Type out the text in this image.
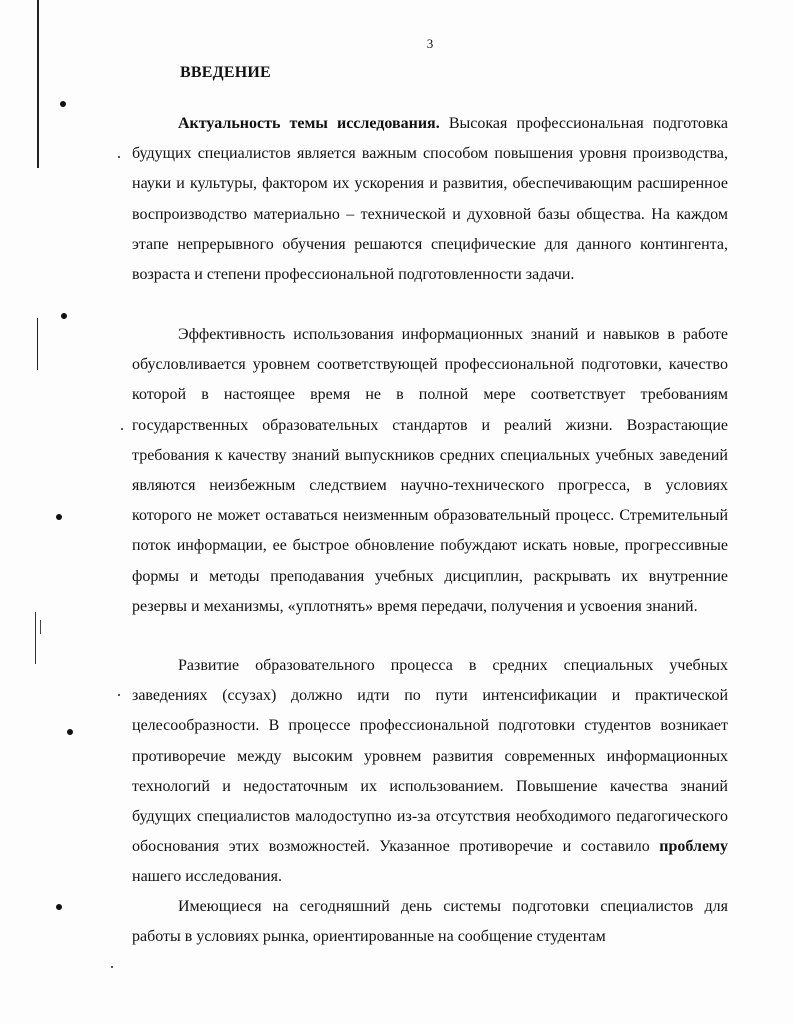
3
ВВЕДЕНИЕ

Актуальность темы исследования. Высокая профессиональная подготовка будущих специалистов является важным способом повышения уровня производства, науки и культуры, фактором их ускорения и развития, обеспечивающим расширенное воспроизводство материально – технической и духовной базы общества. На каждом этапе непрерывного обучения решаются специфические для данного контингента, возраста и степени профессиональной подготовленности задачи.

Эффективность использования информационных знаний и навыков в работе обусловливается уровнем соответствующей профессиональной подготовки, качество которой в настоящее время не в полной мере соответствует требованиям государственных образовательных стандартов и реалий жизни. Возрастающие требования к качеству знаний выпускников средних специальных учебных заведений являются неизбежным следствием научно-технического прогресса, в условиях которого не может оставаться неизменным образовательный процесс. Стремительный поток информации, ее быстрое обновление побуждают искать новые, прогрессивные формы и методы преподавания учебных дисциплин, раскрывать их внутренние резервы и механизмы, «уплотнять» время передачи, получения и усвоения знаний.

Развитие образовательного процесса в средних специальных учебных заведениях (ссузах) должно идти по пути интенсификации и практической целесообразности. В процессе профессиональной подготовки студентов возникает противоречие между высоким уровнем развития современных информационных технологий и недостаточным их использованием. Повышение качества знаний будущих специалистов малодоступно из-за отсутствия необходимого педагогического обоснования этих возможностей. Указанное противоречие и составило проблему нашего исследования.

Имеющиеся на сегодняшний день системы подготовки специалистов для работы в условиях рынка, ориентированные на сообщение студентам
